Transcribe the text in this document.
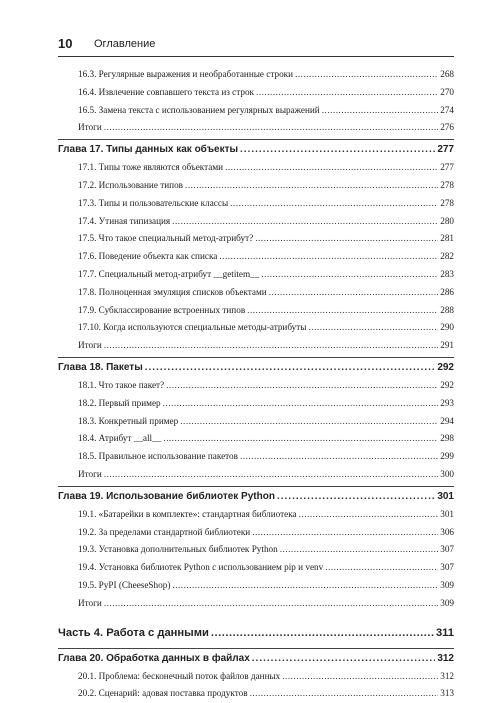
10 Оглавление
16.3. Регулярные выражения и необработанные строки .....	268
16.4. Извлечение совпавшего текста из строк .....	270
16.5. Замена текста с использованием регулярных выражений .....	274
Итоги .....	276
Глава 17. Типы данных как объекты .....	277
17.1. Типы тоже являются объектами .....	277
17.2. Использование типов .....	278
17.3. Типы и пользовательские классы .....	278
17.4. Утиная типизация .....	280
17.5. Что такое специальный метод-атрибут? .....	281
17.6. Поведение объекта как списка .....	282
17.7. Специальный метод-атрибут __getitem__ .....	283
17.8. Полноценная эмуляция списков объектами .....	286
17.9. Субклассирование встроенных типов .....	288
17.10. Когда используются специальные методы-атрибуты .....	290
Итоги .....	291
Глава 18. Пакеты .....	292
18.1. Что такое пакет? .....	292
18.2. Первый пример .....	293
18.3. Конкретный пример .....	294
18.4. Атрибут __all__ .....	298
18.5. Правильное использование пакетов .....	299
Итоги .....	300
Глава 19. Использование библиотек Python .....	301
19.1. «Батарейки в комплекте»: стандартная библиотека .....	301
19.2. За пределами стандартной библиотеки .....	306
19.3. Установка дополнительных библиотек Python .....	307
19.4. Установка библиотек Python с использованием pip и venv .....	307
19.5. PyPI (CheeseShop) .....	309
Итоги .....	309
Часть 4. Работа с данными .....	311
Глава 20. Обработка данных в файлах .....	312
20.1. Проблема: бесконечный поток файлов данных .....	312
20.2. Сценарий: адовая поставка продуктов .....	313
